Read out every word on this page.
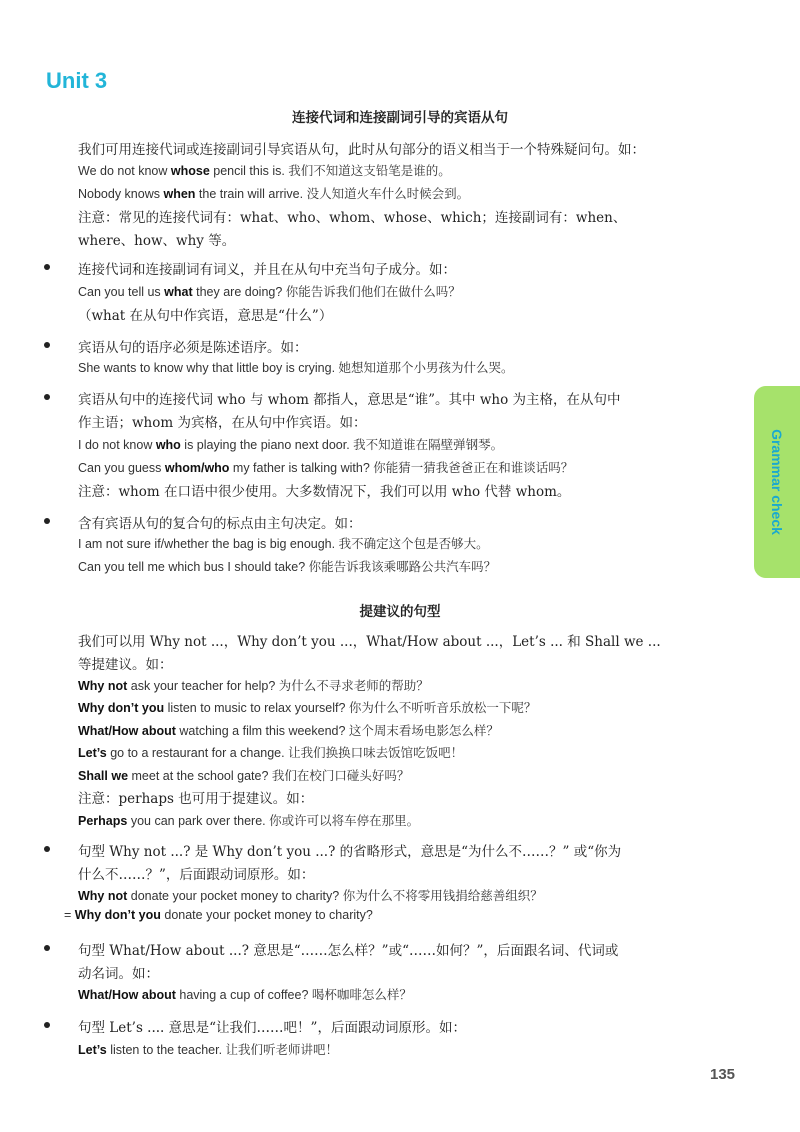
Unit 3
Grammar check
连接代词和连接副词引导的宾语从句
我们可用连接代词或连接副词引导宾语从句，此时从句部分的语义相当于一个特殊疑问句。如：
We do not know whose pencil this is. 我们不知道这支铅笔是谁的。
Nobody knows when the train will arrive. 没人知道火车什么时候会到。
注意：常见的连接代词有：what、who、whom、whose、which；连接副词有：when、
where、how、why 等。
连接代词和连接副词有词义，并且在从句中充当句子成分。如：
Can you tell us what they are doing? 你能告诉我们他们在做什么吗？
（what 在从句中作宾语，意思是“什么”）
宾语从句的语序必须是陈述语序。如：
She wants to know why that little boy is crying. 她想知道那个小男孩为什么哭。
宾语从句中的连接代词 who 与 whom 都指人，意思是“谁”。其中 who 为主格，在从句中
作主语；whom 为宾格，在从句中作宾语。如：
I do not know who is playing the piano next door. 我不知道谁在隔壁弹钢琴。
Can you guess whom/who my father is talking with? 你能猜一猜我爸爸正在和谁谈话吗？
注意：whom 在口语中很少使用。大多数情况下，我们可以用 who 代替 whom。
含有宾语从句的复合句的标点由主句决定。如：
I am not sure if/whether the bag is big enough. 我不确定这个包是否够大。
Can you tell me which bus I should take? 你能告诉我该乘哪路公共汽车吗？
提建议的句型
我们可以用 Why not ...，Why don’t you ...，What/How about ...，Let’s ... 和 Shall we ...
等提建议。如：
Why not ask your teacher for help? 为什么不寻求老师的帮助？
Why don’t you listen to music to relax yourself? 你为什么不听听音乐放松一下呢？
What/How about watching a film this weekend? 这个周末看场电影怎么样？
Let’s go to a restaurant for a change. 让我们换换口味去饭馆吃饭吧！
Shall we meet at the school gate? 我们在校门口碰头好吗？
注意：perhaps 也可用于提建议。如：
Perhaps you can park over there. 你或许可以将车停在那里。
句型 Why not ...? 是 Why don’t you ...? 的省略形式，意思是“为什么不……？” 或“你为
什么不……？”，后面跟动词原形。如：
Why not donate your pocket money to charity? 你为什么不将零用钱捐给慈善组织？
= Why don’t you donate your pocket money to charity?
句型 What/How about ...? 意思是“……怎么样？”或“……如何？”，后面跟名词、代词或
动名词。如：
What/How about having a cup of coffee? 喝杯咖啡怎么样？
句型 Let’s .... 意思是“让我们……吧！”，后面跟动词原形。如：
Let’s listen to the teacher. 让我们听老师讲吧！
135
